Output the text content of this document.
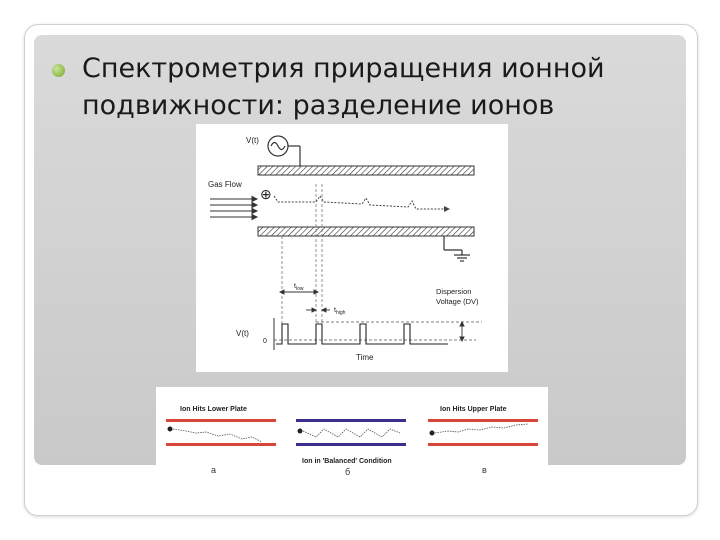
Спектрометрия приращения ионной подвижности: разделение ионов

V(t)
Gas Flow
⊕
$t_{low}$
$t_{high}$
Dispersion
Voltage (DV)
V(t)
0
Time
Ion Hits Lower Plate
a
Ion in 'Balanced' Condition
б
Ion Hits Upper Plate
в
